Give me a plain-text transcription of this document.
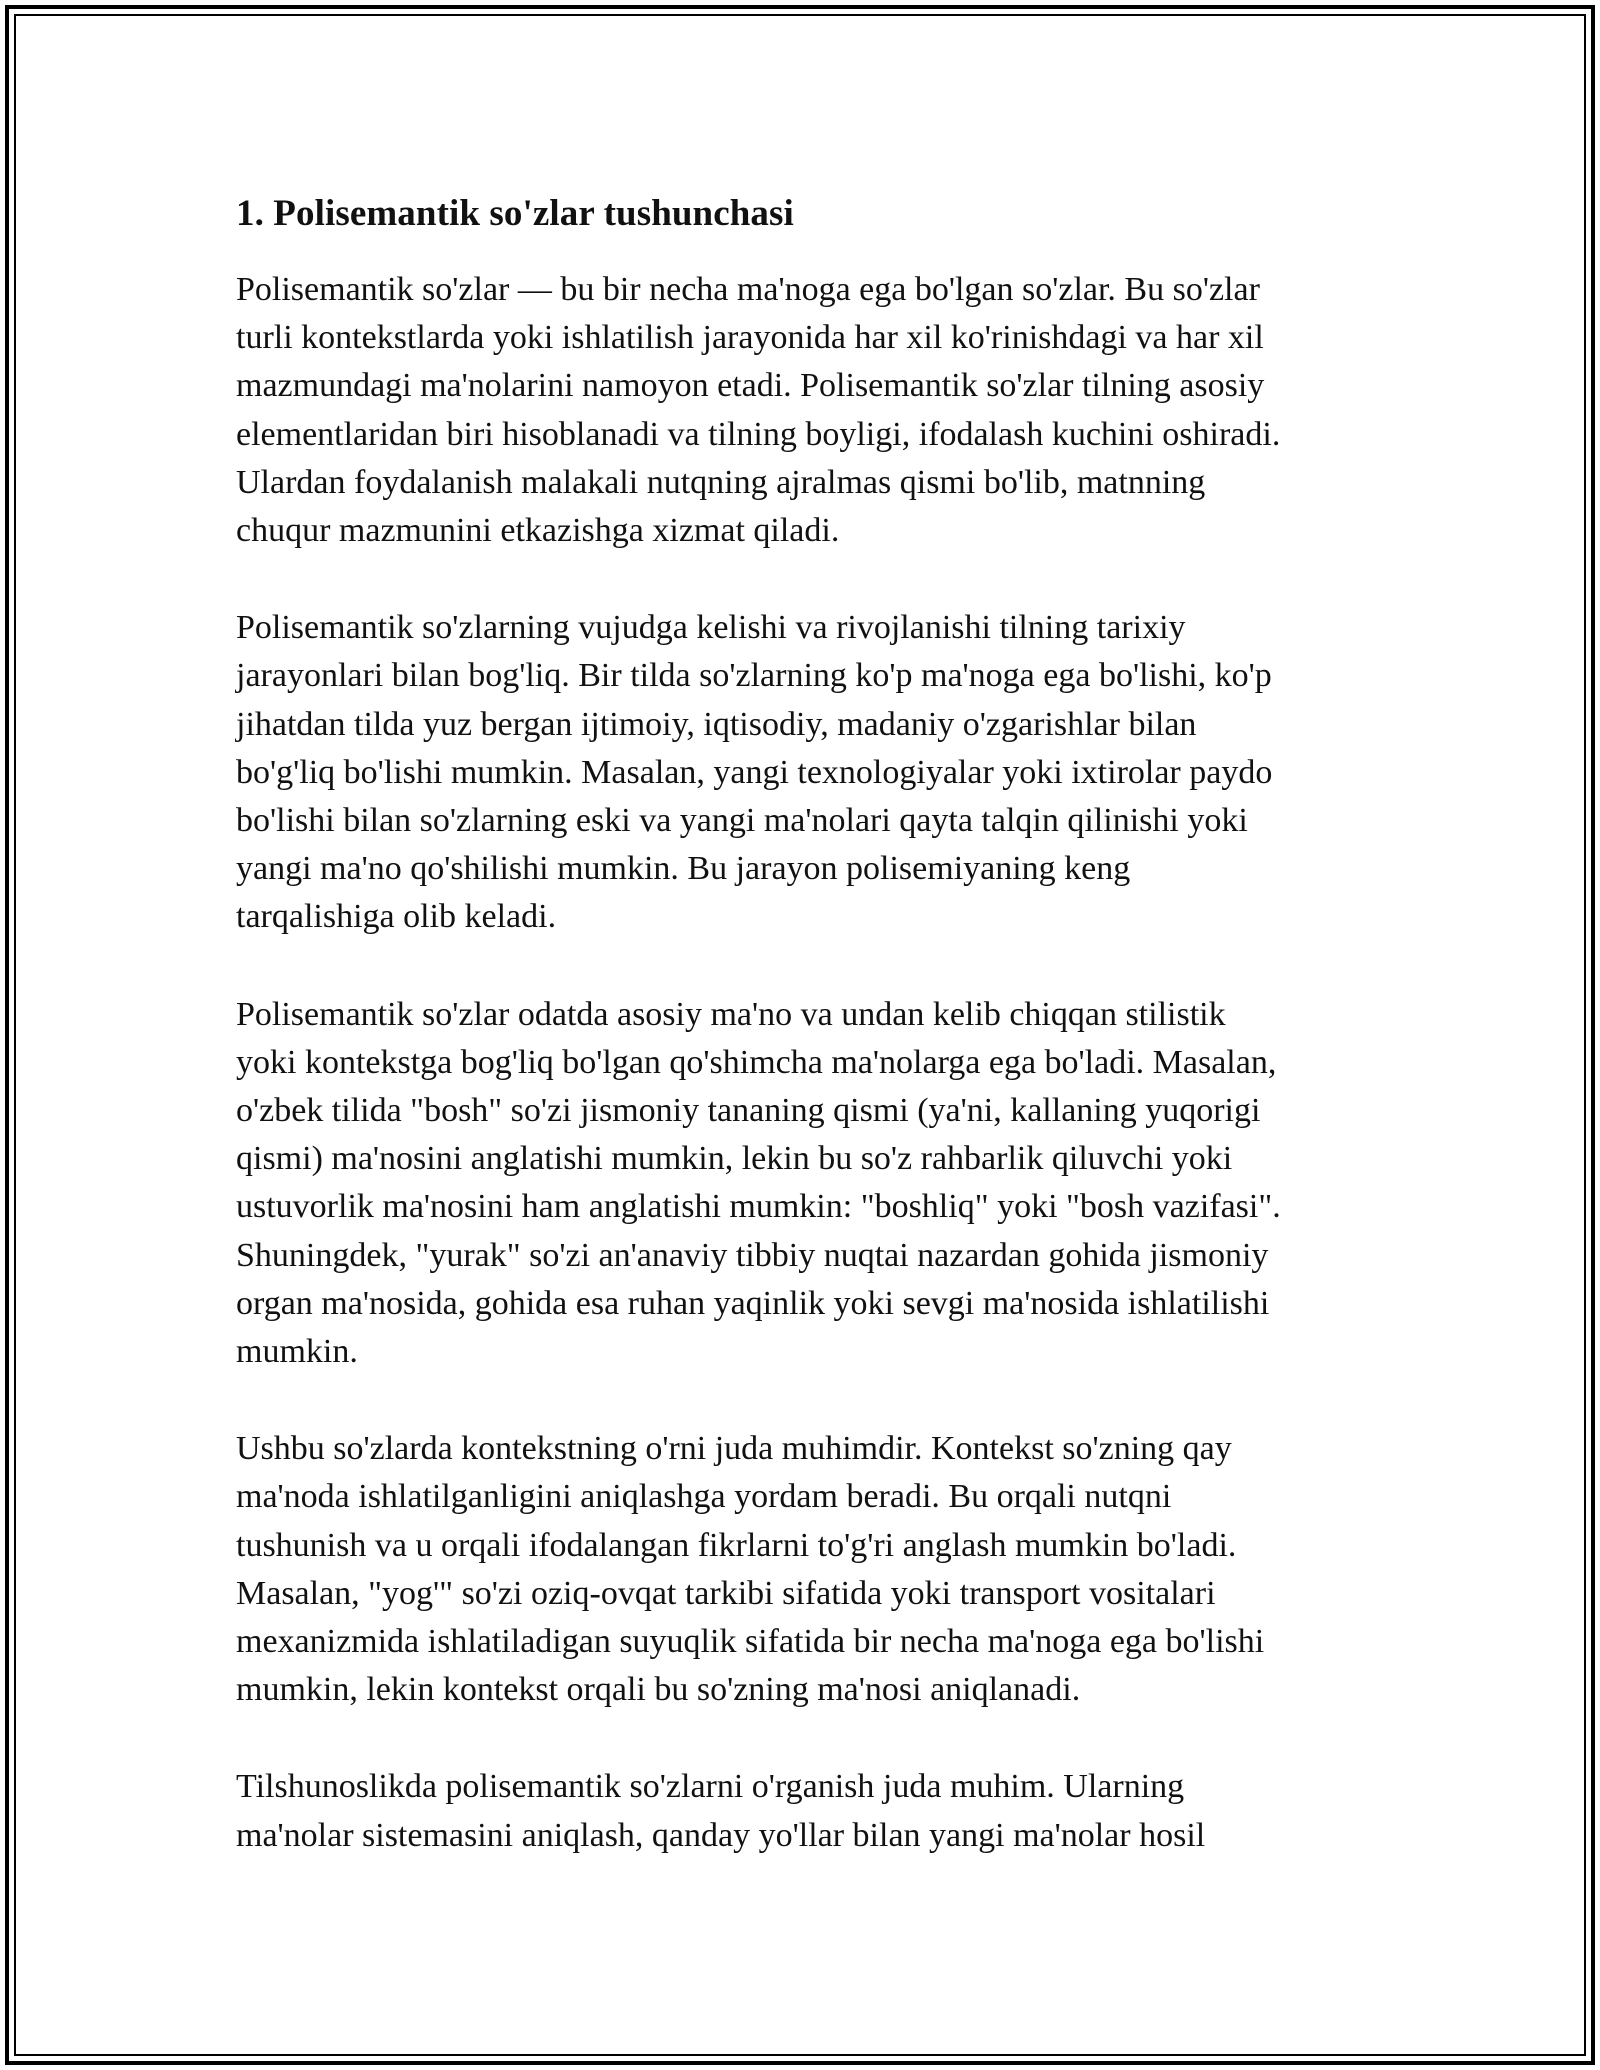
1. Polisemantik so'zlar tushunchasi
Polisemantik so'zlar — bu bir necha ma'noga ega bo'lgan so'zlar. Bu so'zlar
turli kontekstlarda yoki ishlatilish jarayonida har xil ko'rinishdagi va har xil
mazmundagi ma'nolarini namoyon etadi. Polisemantik so'zlar tilning asosiy
elementlaridan biri hisoblanadi va tilning boyligi, ifodalash kuchini oshiradi.
Ulardan foydalanish malakali nutqning ajralmas qismi bo'lib, matnning
chuqur mazmunini etkazishga xizmat qiladi.
Polisemantik so'zlarning vujudga kelishi va rivojlanishi tilning tarixiy
jarayonlari bilan bog'liq. Bir tilda so'zlarning ko'p ma'noga ega bo'lishi, ko'p
jihatdan tilda yuz bergan ijtimoiy, iqtisodiy, madaniy o'zgarishlar bilan
bo'g'liq bo'lishi mumkin. Masalan, yangi texnologiyalar yoki ixtirolar paydo
bo'lishi bilan so'zlarning eski va yangi ma'nolari qayta talqin qilinishi yoki
yangi ma'no qo'shilishi mumkin. Bu jarayon polisemiyaning keng
tarqalishiga olib keladi.
Polisemantik so'zlar odatda asosiy ma'no va undan kelib chiqqan stilistik
yoki kontekstga bog'liq bo'lgan qo'shimcha ma'nolarga ega bo'ladi. Masalan,
o'zbek tilida "bosh" so'zi jismoniy tananing qismi (ya'ni, kallaning yuqorigi
qismi) ma'nosini anglatishi mumkin, lekin bu so'z rahbarlik qiluvchi yoki
ustuvorlik ma'nosini ham anglatishi mumkin: "boshliq" yoki "bosh vazifasi".
Shuningdek, "yurak" so'zi an'anaviy tibbiy nuqtai nazardan gohida jismoniy
organ ma'nosida, gohida esa ruhan yaqinlik yoki sevgi ma'nosida ishlatilishi
mumkin.
Ushbu so'zlarda kontekstning o'rni juda muhimdir. Kontekst so'zning qay
ma'noda ishlatilganligini aniqlashga yordam beradi. Bu orqali nutqni
tushunish va u orqali ifodalangan fikrlarni to'g'ri anglash mumkin bo'ladi.
Masalan, "yog'" so'zi oziq-ovqat tarkibi sifatida yoki transport vositalari
mexanizmida ishlatiladigan suyuqlik sifatida bir necha ma'noga ega bo'lishi
mumkin, lekin kontekst orqali bu so'zning ma'nosi aniqlanadi.
Tilshunoslikda polisemantik so'zlarni o'rganish juda muhim. Ularning
ma'nolar sistemasini aniqlash, qanday yo'llar bilan yangi ma'nolar hosil
